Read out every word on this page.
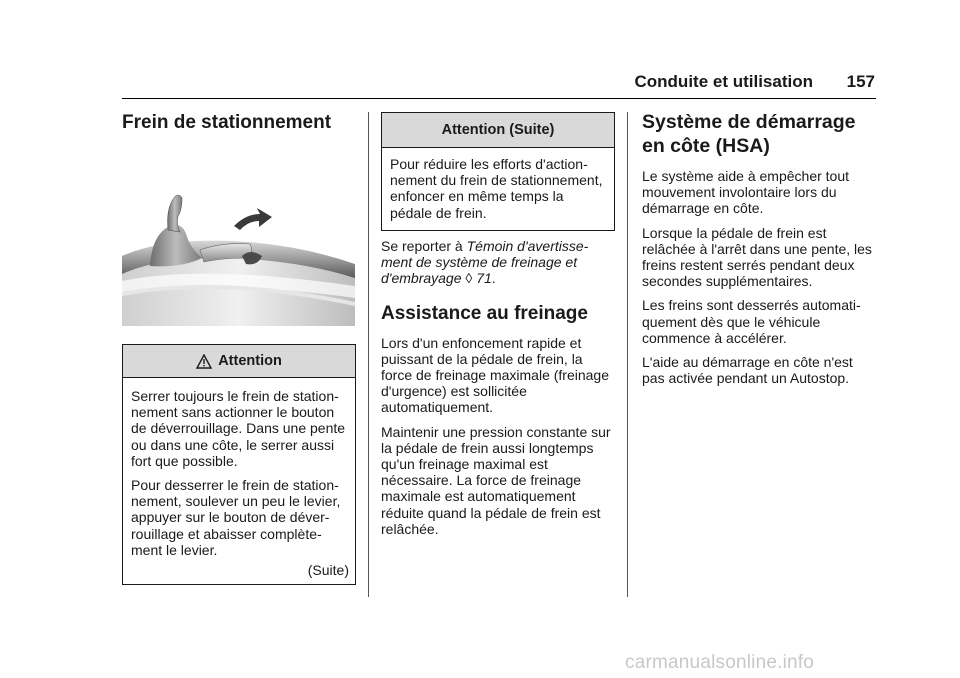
Conduite et utilisation 157
Frein de stationnement
Attention

Serrer toujours le frein de station-nement sans actionner le bouton de déverrouillage. Dans une pente ou dans une côte, le serrer aussi fort que possible.

Pour desserrer le frein de station-nement, soulever un peu le levier, appuyer sur le bouton de déver-rouillage et abaisser complète-ment le levier.

(Suite)
Attention (Suite)

Pour réduire les efforts d'action-nement du frein de stationnement, enfoncer en même temps la pédale de frein.

Se reporter à Témoin d'avertisse-ment de système de freinage et d'embrayage ◊ 71.

Assistance au freinage

Lors d'un enfoncement rapide et puissant de la pédale de frein, la force de freinage maximale (freinage d'urgence) est sollicitée automatiquement.

Maintenir une pression constante sur la pédale de frein aussi longtemps qu'un freinage maximal est nécessaire. La force de freinage maximale est automatiquement réduite quand la pédale de frein est relâchée.

Système de démarrage en côte (HSA)

Le système aide à empêcher tout mouvement involontaire lors du démarrage en côte.

Lorsque la pédale de frein est relâchée à l'arrêt dans une pente, les freins restent serrés pendant deux secondes supplémentaires.

Les freins sont desserrés automati-quement dès que le véhicule commence à accélérer.

L'aide au démarrage en côte n'est pas activée pendant un Autostop.

carmanualsonline.info
